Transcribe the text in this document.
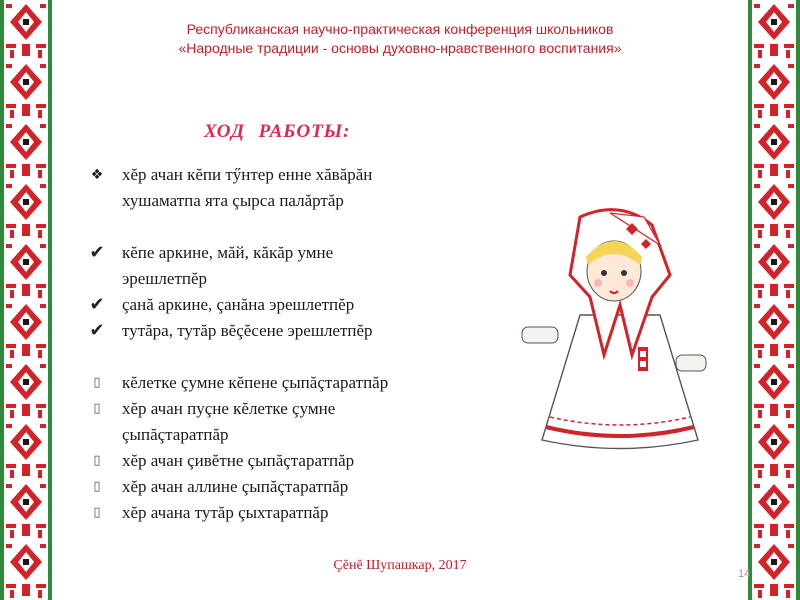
Республиканская научно-практическая конференция школьников
«Народные традиции - основы духовно-нравственного воспитания»
ХОД РАБОТЫ:
❖	хĕр ачан кĕпи тӳнтер енне хăвăрăн
хушаматпа ята çырса палăртăр
✔	кĕпе аркине, мăй, кăкăр умне
эрешлетпĕр
✔	çанă аркине, çанăна эрешлетпĕр
✔	тутăра, тутăр вĕçĕсене эрешлетпĕр
▯	кĕлетке çумне кĕпене çыпăçтаратпăр
▯	хĕр ачан пуçне кĕлетке çумне
çыпăçтаратпăр
▯	хĕр ачан çивĕтне çыпăçтаратпăр
▯	хĕр ачан аллине çыпăçтаратпăр
▯	хĕр ачана тутăр çыхтаратпăр
Çĕнĕ Шупашкар, 2017
14
